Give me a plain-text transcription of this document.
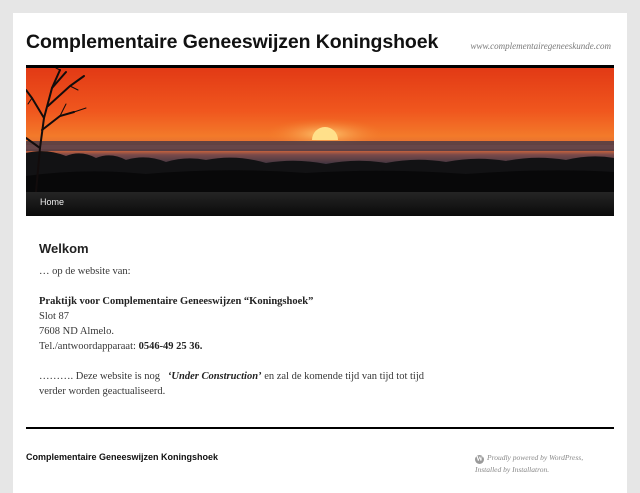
Complementaire Geneeswijzen Koningshoek	www.complementairegeneeskunde.com
Home
Welkom

… op de website van:

Praktijk voor Complementaire Geneeswijzen “Koningshoek”
Slot 87
7608 ND Almelo.
Tel./antwoordapparaat: 0546-49 25 36.

………. Deze website is nog ‘Under Construction’ en zal de komende tijd van tijd tot tijd verder worden geactualiseerd.

Complementaire Geneeswijzen Koningshoek	W Proudly powered by WordPress,
Installed by Installatron.
